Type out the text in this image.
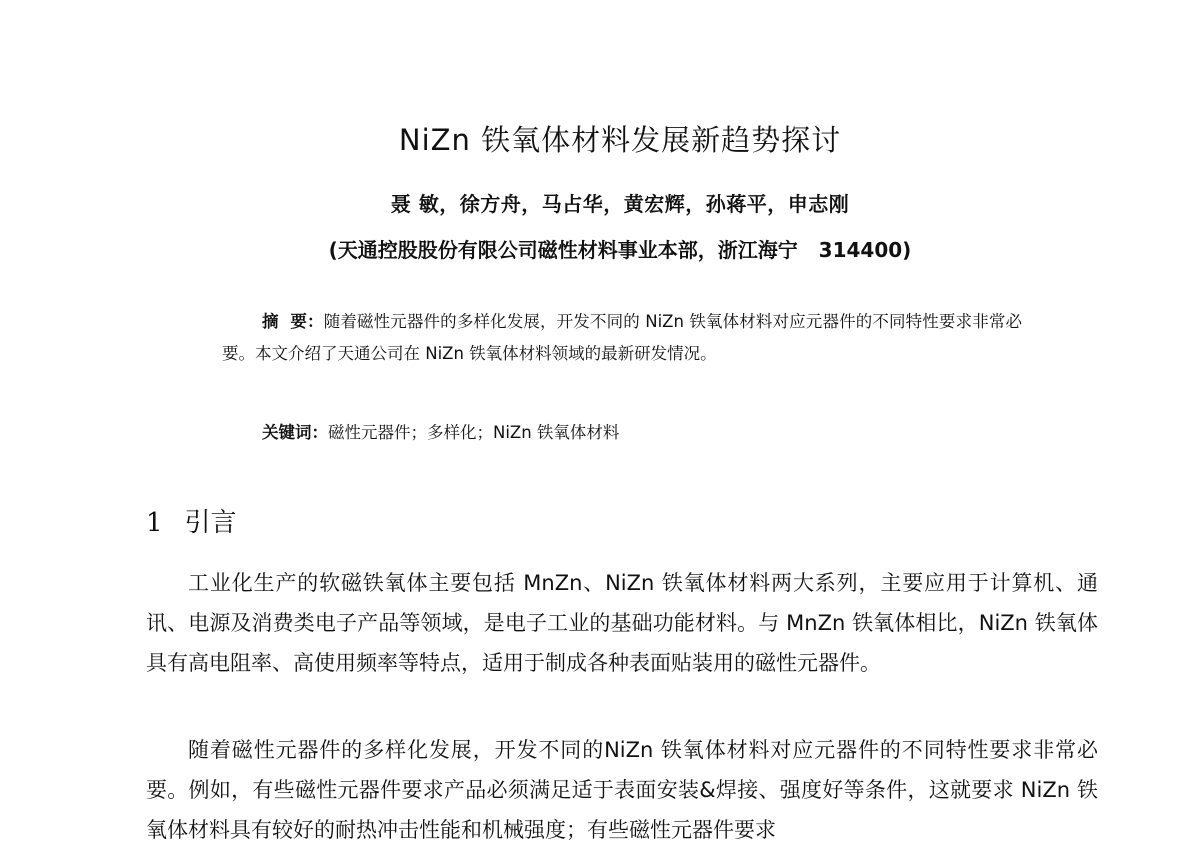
NiZn 铁氧体材料发展新趋势探讨
聂 敏，徐方舟，马占华，黄宏辉，孙蒋平，申志刚
(天通控股股份有限公司磁性材料事业本部，浙江海宁   314400)
摘  要：随着磁性元器件的多样化发展，开发不同的 NiZn 铁氧体材料对应元器件的不同特性要求非常必要。本文介绍了天通公司在 NiZn 铁氧体材料领域的最新研发情况。
关键词：磁性元器件；多样化；NiZn 铁氧体材料
1 引言
工业化生产的软磁铁氧体主要包括 MnZn、NiZn 铁氧体材料两大系列，主要应用于计算机、通讯、电源及消费类电子产品等领域，是电子工业的基础功能材料。与 MnZn 铁氧体相比，NiZn 铁氧体具有高电阻率、高使用频率等特点，适用于制成各种表面贴装用的磁性元器件。
随着磁性元器件的多样化发展，开发不同的NiZn 铁氧体材料对应元器件的不同特性要求非常必要。例如，有些磁性元器件要求产品必须满足适于表面安装&焊接、强度好等条件，这就要求 NiZn 铁氧体材料具有较好的耐热冲击性能和机械强度；有些磁性元器件要求
